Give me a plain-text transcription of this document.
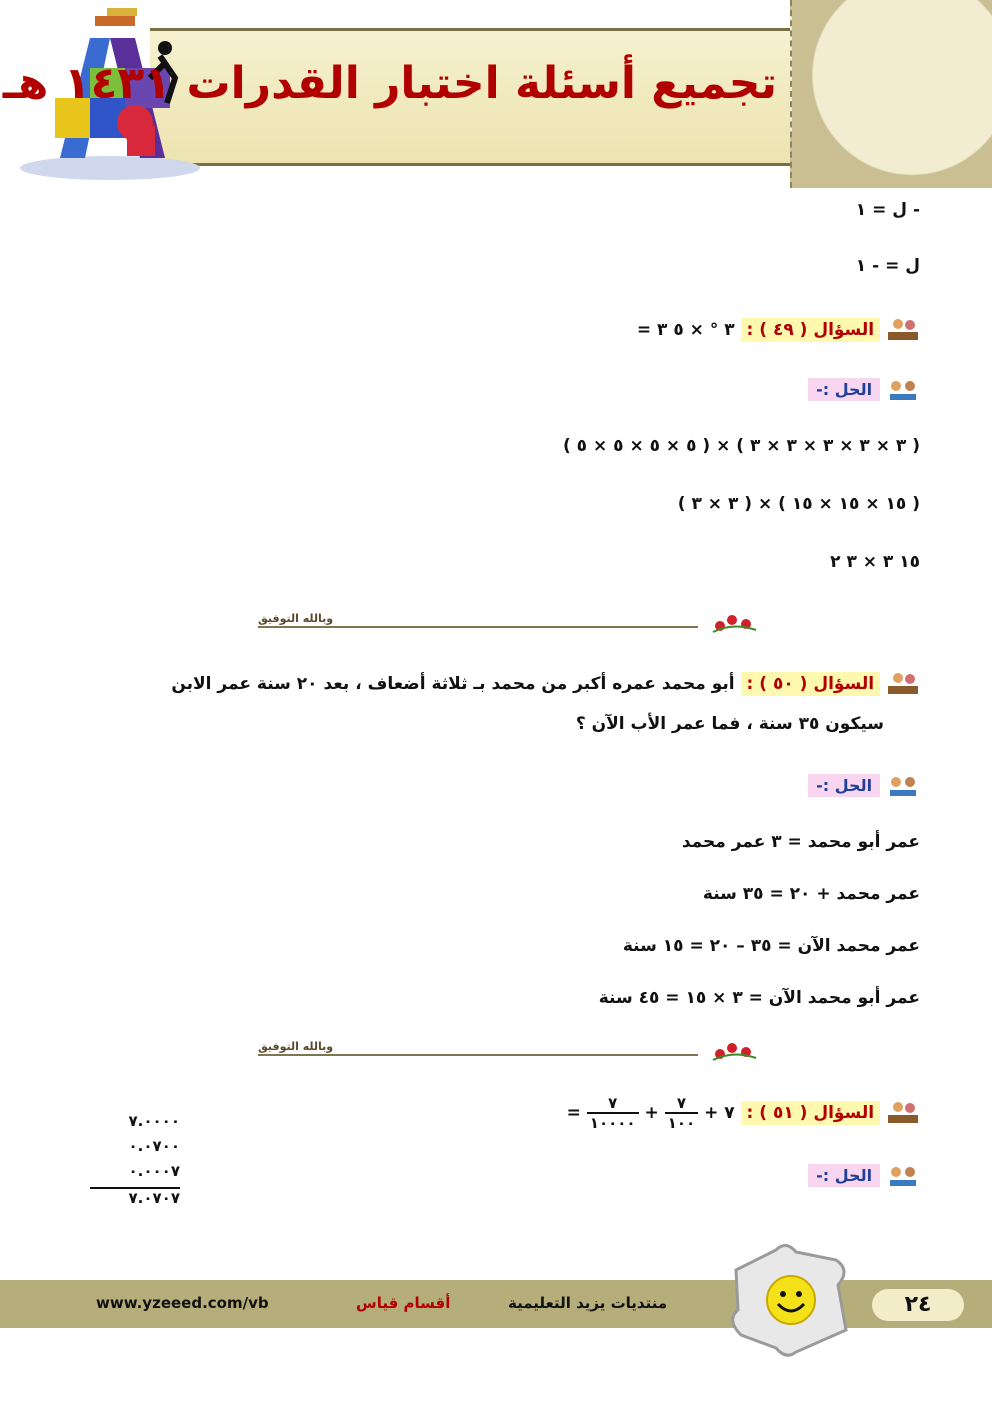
تجميع أسئلة اختبار القدرات ١٤٣١ هـ
- ل = ١
ل = - ١
السؤال ( ٤٩ ) : ٣ ° × ٥ ٣ =
الحل :-
( ٣ × ٣ × ٣ × ٣ × ٣ ) × ( ٥ × ٥ × ٥ × ٥ )
( ١٥ × ١٥ × ١٥ ) × ( ٣ × ٣ )
١٥ ٣ × ٣ ٢
وبالله التوفيق
السؤال ( ٥٠ ) : أبو محمد عمره أكبر من محمد بـ ثلاثة أضعاف ، بعد ٢٠ سنة عمر الابن
سيكون ٣٥ سنة ، فما عمر الأب الآن ؟
الحل :-
عمر أبو محمد = ٣ عمر محمد
عمر محمد + ٢٠ = ٣٥ سنة
عمر محمد الآن = ٣٥ – ٢٠ = ١٥ سنة
عمر أبو محمد الآن = ٣ × ١٥ = ٤٥ سنة
وبالله التوفيق
السؤال ( ٥١ ) : ٧ +
$\frac{٧}{١٠٠}$
+
$\frac{٧}{١٠٠٠٠}$
=
الحل :-
٧.٠٠٠٠
٠.٠٧٠٠
٠.٠٠٠٧
٧.٠٧٠٧
www.yzeeed.com/vb	أقسام قياس	منتديات يزيد التعليمية	٢٤
